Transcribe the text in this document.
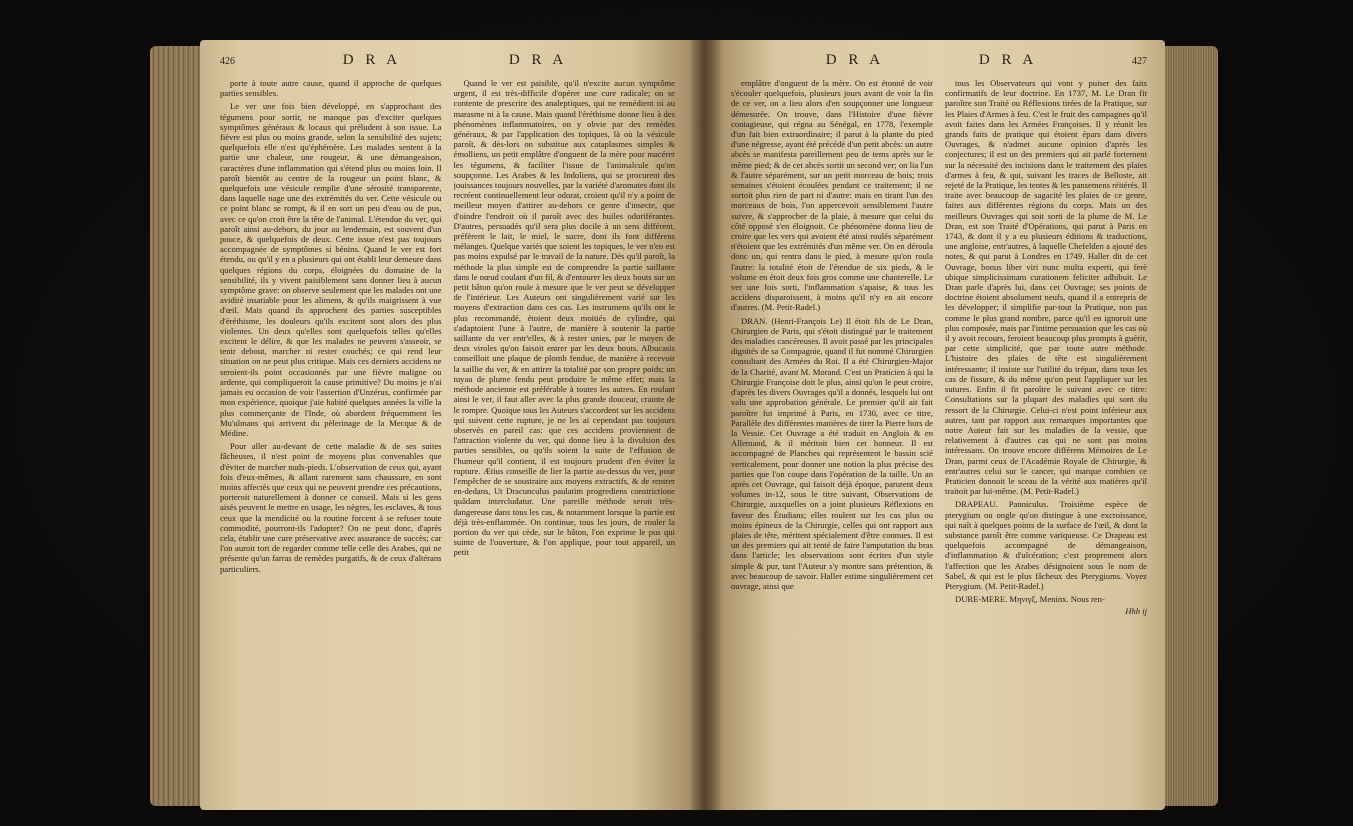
426	D R A	D R A

porte à toute autre cause, quand il approche de quelques parties sensibles.

Le ver une fois bien développé, en s'approchant des tégumens pour sortir, ne manque pas d'exciter quelques symptômes généraux & locaux qui préludent à son issue. La fièvre est plus ou moins grande, selon la sensibilité des sujets; quelquefois elle n'est qu'éphémère. Les malades sentent à la partie une chaleur, une rougeur, & une démangeaison, caractères d'une inflammation qui s'étend plus ou moins loin. Il paroît bientôt au centre de la rougeur un point blanc, & quelquefois une vésicule remplie d'une sérosité transparente, dans laquelle nage une des extrémités du ver. Cette vésicule ou ce point blanc se rompt, & il en sort un peu d'eau ou de pus, avec ce qu'on croit être la tête de l'animal. L'étendue du ver, qui paroît ainsi au-dehors, du jour au lendemain, est souvent d'un pouce, & quelquefois de deux. Cette issue n'est pas toujours accompagnée de symptômes si bénins. Quand le ver est fort étendu, ou qu'il y en a plusieurs qui ont établi leur demeure dans quelques régions du corps, éloignées du domaine de la sensibilité, ils y vivent paisiblement sans donner lieu à aucun symptôme grave: on observe seulement que les malades ont une avidité insatiable pour les alimens, & qu'ils maigrissent à vue d'œil. Mais quand ils approchent des parties susceptibles d'éréthisme, les douleurs qu'ils excitent sont alors des plus violentes. Un deux qu'elles sont quelquefois telles qu'elles excitent le délire, & que les malades ne peuvent s'asseoir, se tenir debout, marcher ni rester couchés; ce qui rend leur situation on ne peut plus critique. Mais ces derniers accidens ne seroient-ils point occasionnés par une fièvre maligne ou ardente, qui compliqueroit la cause primitive? Du moins je n'ai jamais eu occasion de voir l'assertion d'Unzérus, confirmée par mon expérience, quoique j'aie habité quelques années la ville la plus commerçante de l'Inde, où abordent fréquemment les Mu'ulmans qui arrivent du pèlerinage de la Mecque & de Médine.

Pour aller au-devant de cette maladie & de ses suites fâcheuses, il n'est point de moyens plus convenables que d'éviter de marcher nuds-pieds. L'observation de ceux qui, ayant fois d'eux-mêmes, & allant rarement sans chaussure, en sont moins affectés que ceux qui ne peuvent prendre ces précautions, porteroit naturellement à donner ce conseil. Mais si les gens aisés peuvent le mettre en usage, les nègres, les esclaves, & tous ceux que la mendicité ou la routine forcent à se refuser toute commodité, pourront-ils l'adopter? On ne peut donc, d'après cela, établir une cure préservative avec assurance de succès; car l'on auroit tort de regarder comme telle celle des Arabes, qui ne présente qu'un farras de remèdes purgatifs, & de ceux d'altérans particuliers.

Quand le ver est paisible, qu'il n'excite aucun symptôme urgent, il est très-difficile d'opérer une cure radicale; on se contente de prescrire des analeptiques, qui ne remédient ni au marasme ni à la cause. Mais quand l'éréthisme donne lieu à des phénomènes inflammatoires, on y obvie par des remèdes généraux, & par l'application des topiques, là où la vésicule paroît, & dès-lors on substitue aux cataplasmes simples & émolliens, un petit emplâtre d'onguent de la mère pour macérer les tégumens, & faciliter l'issue de l'animalcule qu'on soupçonne. Les Arabes & les Indoliens, qui se procurent des jouissances toujours nouvelles, par la variété d'aromates dont ils recréent continuellement leur odorat, croient qu'il n'y a point de meilleur moyen d'attirer au-dehors ce genre d'insecte, que d'oindre l'endroit où il paroît avec des huiles odoriférantes. D'autres, persuadés qu'il sera plus docile à un sens différent, préfèrent le lait, le miel, le sucre, dont ils font différens mélanges. Quelque variés que soient les topiques, le ver n'en est pas moins expulsé par le travail de la nature. Dès qu'il paroît, la méthode la plus simple est de comprendre la partie saillante dans le nœud coulant d'un fil, & d'entourer les deux bouts sur un petit bâton qu'on roule à mesure que le ver peut se développer de l'intérieur. Les Auteurs ont singulièrement varié sur les moyens d'extraction dans ces cas. Les instrumens qu'ils ont le plus recommandé, étoient deux moitiés de cylindre, qui s'adaptoient l'une à l'autre, de manière à soutenir la partie saillante du ver entr'elles, & à rester unies, par le moyen de deux viroles qu'on faisoit entrer par les deux bouts. Albucasis conseilloit une plaque de plomb fendue, de manière à recevoir la saillie du ver, & en attirer la totalité par son propre poids; un tuyau de plume fendu peut produire le même effet; mais la méthode ancienne est préférable à toutes les autres. En roulant ainsi le ver, il faut aller avec la plus grande douceur, crainte de le rompre. Quoique tous les Auteurs s'accordent sur les accidens qui suivent cette rupture, je ne les ai cependant pas toujours observés en pareil cas: que ces accidens proviennent de l'attraction violente du ver, qui donne lieu à la divulsion des parties sensibles, ou qu'ils soient la suite de l'effusion de l'humeur qu'il contient, il est toujours prudent d'en éviter la rupture. Ætius conseille de lier la partie au-dessus du ver, pour l'empêcher de se soustraire aux moyens extractifs, & de rentrer en-dedans, Ut Dracunculus paulatim progrediens constrictione quâdam intercludatur. Une pareille méthode seroit très-dangereuse dans tous les cas, & notamment lorsque la partie est déjà très-enflammée. On continue, tous les jours, de rouler la portion du ver qui cède, sur le bâton, l'on exprime le pus qui suinte de l'ouverture, & l'on applique, pour tout appareil, un petit

D R A	D R A	427

emplâtre d'onguent de la mère. On est étonné de voir s'écouler quelquefois, plusieurs jours avant de voir la fin de ce ver, on a lieu alors d'en soupçonner une longueur démesurée. On trouve, dans l'Histoire d'une fièvre contagieuse, qui régna au Sénégal, en 1778, l'exemple d'un fait bien extraordinaire; il parut à la plante du pied d'une négresse, ayant été précédé d'un petit abcès: un autre abcès se manifesta pareillement peu de tems après sur le même pied; & de cet abcès sortit un second ver; on lia l'un & l'autre séparément, sur un petit morceau de bois; trois semaines s'étoient écoulées pendant ce traitement; il ne sortoit plus rien de part ni d'autre: mais en tirant l'un des morceaux de bois, l'on appercevoit sensiblement l'autre suivre, & s'approcher de la plaie, à mesure que celui du côté opposé s'en éloignoit. Ce phénomène donna lieu de croire que les vers qui avoient été ainsi roulés séparément n'étoient que les extrémités d'un même ver. On en déroula donc un, qui rentra dans le pied, à mesure qu'on roula l'autre: la totalité étoit de l'étendue de six pieds, & le volume en étoit deux fois gros comme une chanterelle. Le ver une fois sorti, l'inflammation s'apaise, & tous les accidens disparoissent, à moins qu'il n'y en ait encore d'autres. (M. Petit-Radel.)

DRAN. (Henri-François Le) Il étoit fils de Le Dran, Chirurgien de Paris, qui s'étoit distingué par le traitement des maladies cancéreuses. Il avoit passé par les principales dignités de sa Compagnie, quand il fut nommé Chirurgien consultant des Armées du Roi. Il a été Chirurgien-Major de la Charité, avant M. Morand. C'est un Praticien à qui la Chirurgie Françoise doit le plus, ainsi qu'on le peut croire, d'après les divers Ouvrages qu'il a donnés, lesquels lui ont valu une approbation générale. Le premier qu'il ait fait paroître fut imprimé à Paris, en 1730, avec ce titre, Parallèle des différentes manières de tirer la Pierre hors de la Vessie. Cet Ouvrage a été traduit en Anglois & en Allemand, & il méritoit bien cet honneur. Il est accompagné de Planches qui représentent le bassin scié verticalement, pour donner une notion la plus précise des parties que l'on coupe dans l'opération de la taille. Un an après cet Ouvrage, qui faisoit déjà époque, parurent deux volumes in-12, sous le titre suivant, Observations de Chirurgie, auxquelles on a joint plusieurs Réflexions en faveur des Étudians; elles roulent sur les cas plus ou moins épineux de la Chirurgie, celles qui ont rapport aux plaies de tête, méritent spécialement d'être connues. Il est un des premiers qui ait tenté de faire l'amputation du bras dans l'article; les observations sont écrites d'un style simple & pur, tant l'Auteur s'y montre sans prétention, & avec beaucoup de savoir. Haller estime singulièrement cet ouvrage, ainsi que

tous les Observateurs qui vont y puiser des faits confirmatifs de leur doctrine. En 1737, M. Le Dran fit paroître son Traité ou Réflexions tirées de la Pratique, sur les Plaies d'Armes à feu. C'est le fruit des campagnes qu'il avoit faites dans les Armées Françoises. Il y réunit les grands faits de pratique qui étoient épars dans divers Ouvrages, & n'admet aucune opinion d'après les conjectures; il est un des premiers qui ait parlé fortement sur la nécessité des incisions dans le traitement des plaies d'armes à feu, & qui, suivant les traces de Belloste, ait rejeté de la Pratique, les tentes & les pansemens réitérés. Il traite avec beaucoup de sagacité les plaies de ce genre, faites aux différentes régions du corps. Mais un des meilleurs Ouvrages qui soit sorti de la plume de M. Le Dran, est son Traité d'Opérations, qui parut à Paris en 1743, & dont il y a eu plusieurs éditions & traductions, une angloise, entr'autres, à laquelle Chefelden a ajouté des notes, & qui parut à Londres en 1749. Haller dit de cet Ouvrage, bonus liber viri nunc multa experti, qui ferè ubique simplicissimam curationem feliciter adhibuit. Le Dran parle d'après lui, dans cet Ouvrage; ses points de doctrine étoient absolument neufs, quand il a entrepris de les développer; il simplifie par-tout la Pratique, non pas comme le plus grand nombre, parce qu'il en ignoroit une plus composée, mais par l'intime persuasion que les cas où il y avoit recours, feroient beaucoup plus prompts à guérir, par cette simplicité, que par toute autre méthode. L'histoire des plaies de tête est singulièrement intéressante; il insiste sur l'utilité du trépan, dans tous les cas de fissure, & du même qu'on peut l'appliquer sur les sutures. Enfin il fit paroître le suivant avec ce titre: Consultations sur la plupart des maladies qui sont du ressort de la Chirurgie. Celui-ci n'est point inférieur aux autres, tant par rapport aux remarques importantes que notre Auteur fait sur les maladies de la vessie, que relativement à d'autres cas qui ne sont pas moins intéressans. On trouve encore différens Mémoires de Le Dran, parmi ceux de l'Académie Royale de Chirurgie, & entr'autres celui sur le cancer, qui marque combien ce Praticien donnoit le sceau de la vérité aux matières qu'il traitoit par lui-même. (M. Petit-Radel.)

DRAPEAU. Panniculus. Troisième espèce de pterygium ou ongle qu'on distingue à une excroissance, qui naît à quelques points de la surface de l'œil, & dont la substance paroît être comme variqueuse. Ce Drapeau est quelquefois accompagné de démangeaison, d'inflammation & d'ulcération; c'est proprement alors l'affection que les Arabes désignoient sous le nom de Sabel, & qui est le plus fâcheux des Pterygiums. Voyez Pterygium. (M. Petit-Radel.)

DURE-MERE. Μηνιγξ, Meninx. Nous ren-

Hhh ij
